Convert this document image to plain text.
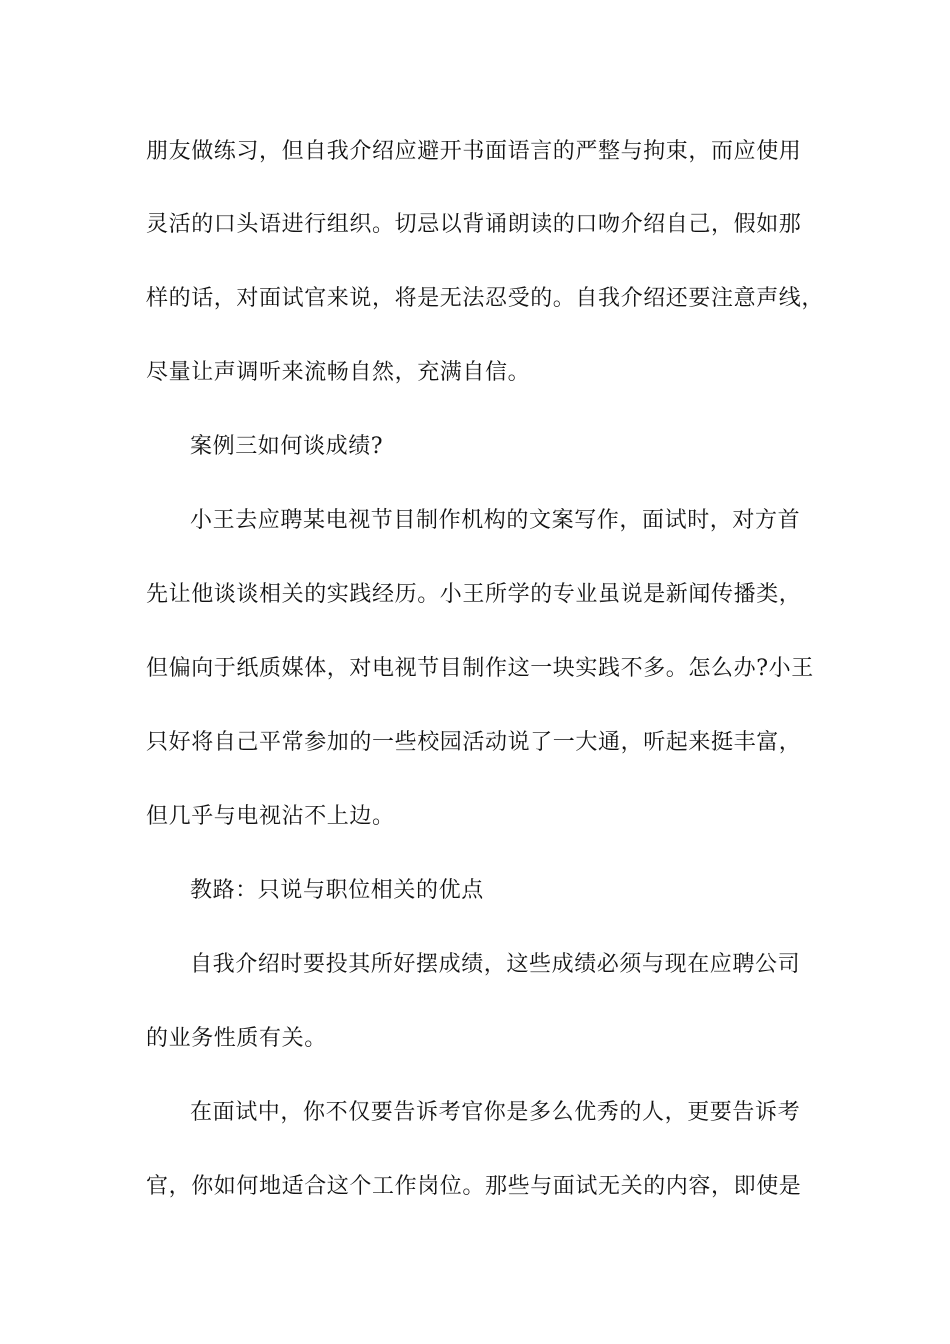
朋友做练习，但自我介绍应避开书面语言的严整与拘束，而应使用
灵活的口头语进行组织。切忌以背诵朗读的口吻介绍自己，假如那
样的话，对面试官来说，将是无法忍受的。自我介绍还要注意声线，
尽量让声调听来流畅自然，充满自信。
案例三如何谈成绩?
小王去应聘某电视节目制作机构的文案写作，面试时，对方首
先让他谈谈相关的实践经历。小王所学的专业虽说是新闻传播类，
但偏向于纸质媒体，对电视节目制作这一块实践不多。怎么办?小王
只好将自己平常参加的一些校园活动说了一大通，听起来挺丰富，
但几乎与电视沾不上边。
教路：只说与职位相关的优点
自我介绍时要投其所好摆成绩，这些成绩必须与现在应聘公司
的业务性质有关。
在面试中，你不仅要告诉考官你是多么优秀的人，更要告诉考
官，你如何地适合这个工作岗位。那些与面试无关的内容，即使是
